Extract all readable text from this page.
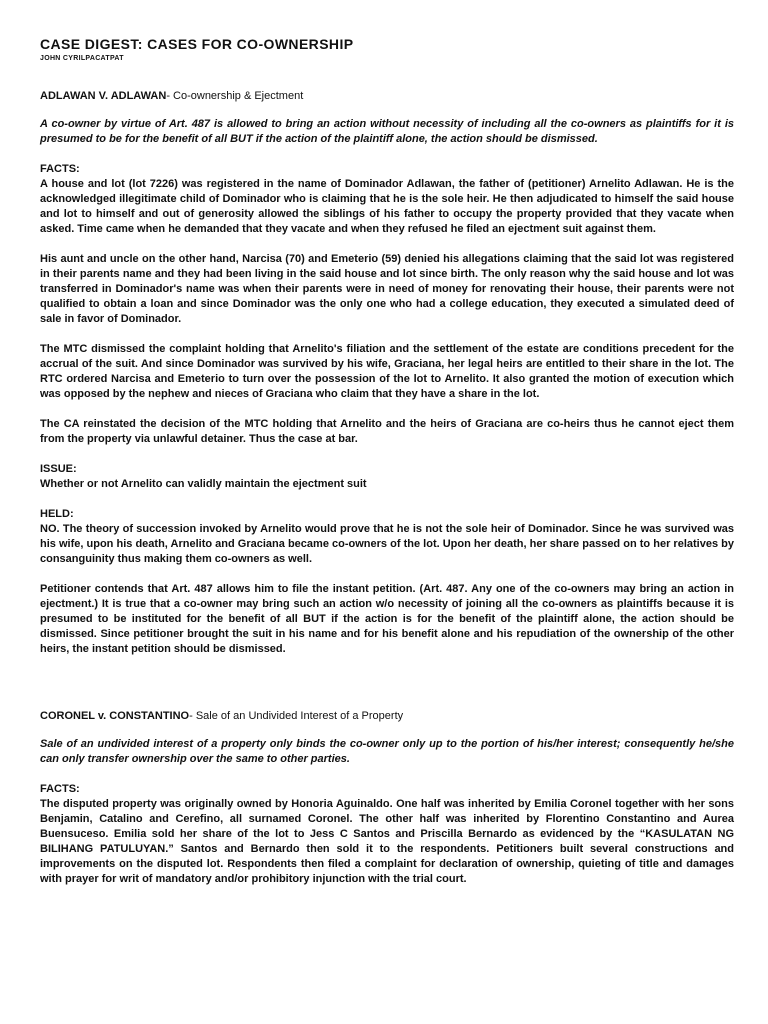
CASE DIGEST: CASES FOR CO-OWNERSHIP
JOHN CYRILPACATPAT
ADLAWAN V. ADLAWAN- Co-ownership & Ejectment

A co-owner by virtue of Art. 487 is allowed to bring an action without necessity of including all the co-owners as plaintiffs for it is presumed to be for the benefit of all BUT if the action of the plaintiff alone, the action should be dismissed.

FACTS:

A house and lot (lot 7226) was registered in the name of Dominador Adlawan, the father of (petitioner) Arnelito Adlawan. He is the acknowledged illegitimate child of Dominador who is claiming that he is the sole heir. He then adjudicated to himself the said house and lot to himself and out of generosity allowed the siblings of his father to occupy the property provided that they vacate when asked. Time came when he demanded that they vacate and when they refused he filed an ejectment suit against them.

His aunt and uncle on the other hand, Narcisa (70) and Emeterio (59) denied his allegations claiming that the said lot was registered in their parents name and they had been living in the said house and lot since birth. The only reason why the said house and lot was transferred in Dominador's name was when their parents were in need of money for renovating their house, their parents were not qualified to obtain a loan and since Dominador was the only one who had a college education, they executed a simulated deed of sale in favor of Dominador.

The MTC dismissed the complaint holding that Arnelito's filiation and the settlement of the estate are conditions precedent for the accrual of the suit. And since Dominador was survived by his wife, Graciana, her legal heirs are entitled to their share in the lot. The RTC ordered Narcisa and Emeterio to turn over the possession of the lot to Arnelito. It also granted the motion of execution which was opposed by the nephew and nieces of Graciana who claim that they have a share in the lot.

The CA reinstated the decision of the MTC holding that Arnelito and the heirs of Graciana are co-heirs thus he cannot eject them from the property via unlawful detainer. Thus the case at bar.

ISSUE:

Whether or not Arnelito can validly maintain the ejectment suit

HELD:

NO. The theory of succession invoked by Arnelito would prove that he is not the sole heir of Dominador. Since he was survived was his wife, upon his death, Arnelito and Graciana became co-owners of the lot. Upon her death, her share passed on to her relatives by consanguinity thus making them co-owners as well.

Petitioner contends that Art. 487 allows him to file the instant petition. (Art. 487. Any one of the co-owners may bring an action in ejectment.) It is true that a co-owner may bring such an action w/o necessity of joining all the co-owners as plaintiffs because it is presumed to be instituted for the benefit of all BUT if the action is for the benefit of the plaintiff alone, the action should be dismissed. Since petitioner brought the suit in his name and for his benefit alone and his repudiation of the ownership of the other heirs, the instant petition should be dismissed.

CORONEL v. CONSTANTINO- Sale of an Undivided Interest of a Property

Sale of an undivided interest of a property only binds the co-owner only up to the portion of his/her interest; consequently he/she can only transfer ownership over the same to other parties.

FACTS:

The disputed property was originally owned by Honoria Aguinaldo. One half was inherited by Emilia Coronel together with her sons Benjamin, Catalino and Cerefino, all surnamed Coronel. The other half was inherited by Florentino Constantino and Aurea Buensuceso. Emilia sold her share of the lot to Jess C Santos and Priscilla Bernardo as evidenced by the “KASULATAN NG BILIHANG PATULUYAN.” Santos and Bernardo then sold it to the respondents. Petitioners built several constructions and improvements on the disputed lot. Respondents then filed a complaint for declaration of ownership, quieting of title and damages with prayer for writ of mandatory and/or prohibitory injunction with the trial court.
